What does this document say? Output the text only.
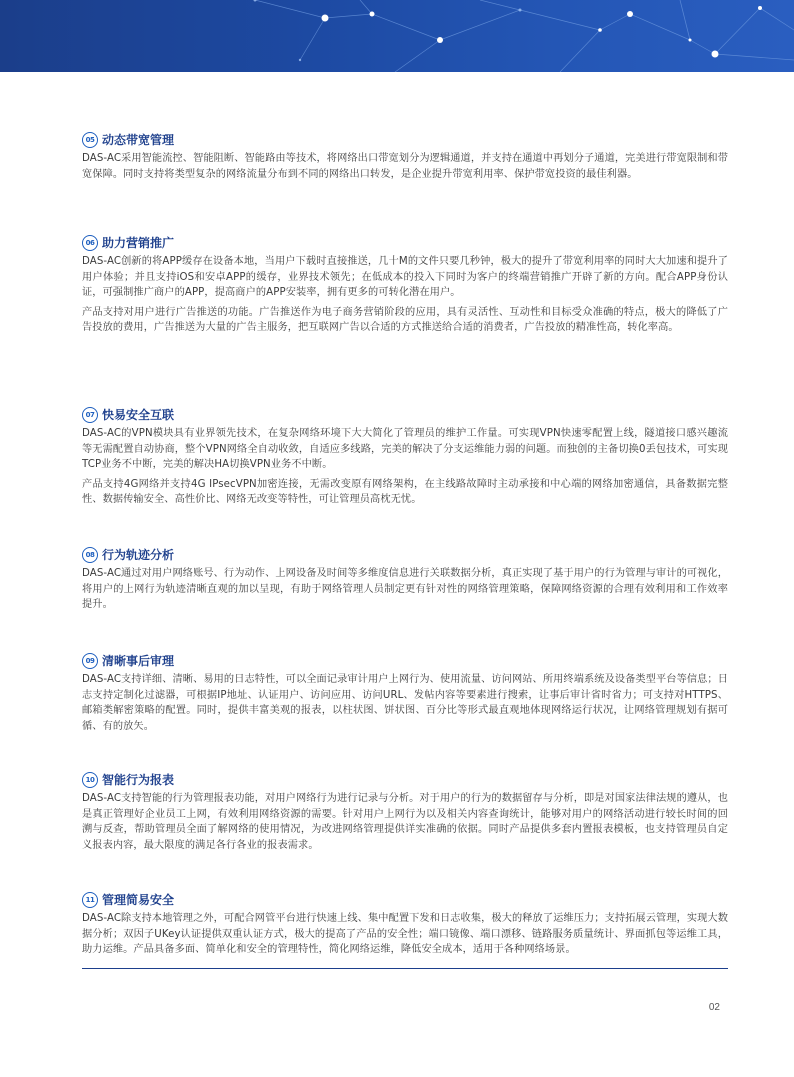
05 动态带宽管理

DAS-AC采用智能流控、智能阻断、智能路由等技术，将网络出口带宽划分为逻辑通道，并支持在通道中再划分子通道，完美进行带宽限制和带宽保障。同时支持将类型复杂的网络流量分布到不同的网络出口转发，是企业提升带宽利用率、保护带宽投资的最佳利器。

06 助力营销推广

DAS-AC创新的将APP缓存在设备本地，当用户下载时直接推送，几十M的文件只要几秒钟，极大的提升了带宽利用率的同时大大加速和提升了用户体验；并且支持iOS和安卓APP的缓存，业界技术领先；在低成本的投入下同时为客户的终端营销推广开辟了新的方向。配合APP身份认证，可强制推广商户的APP，提高商户的APP安装率，拥有更多的可转化潜在用户。

产品支持对用户进行广告推送的功能。广告推送作为电子商务营销阶段的应用，具有灵活性、互动性和目标受众准确的特点，极大的降低了广告投放的费用，广告推送为大量的广告主服务，把互联网广告以合适的方式推送给合适的消费者，广告投放的精准性高，转化率高。

07 快易安全互联

DAS-AC的VPN模块具有业界领先技术，在复杂网络环境下大大简化了管理员的维护工作量。可实现VPN快速零配置上线，隧道接口感兴趣流等无需配置自动协商，整个VPN网络全自动收敛，自适应多线路，完美的解决了分支运维能力弱的问题。而独创的主备切换0丢包技术，可实现TCP业务不中断，完美的解决HA切换VPN业务不中断。

产品支持4G网络并支持4G IPsecVPN加密连接，无需改变原有网络架构，在主线路故障时主动承接和中心端的网络加密通信，具备数据完整性、数据传输安全、高性价比、网络无改变等特性，可让管理员高枕无忧。

08 行为轨迹分析

DAS-AC通过对用户网络账号、行为动作、上网设备及时间等多维度信息进行关联数据分析，真正实现了基于用户的行为管理与审计的可视化，将用户的上网行为轨迹清晰直观的加以呈现，有助于网络管理人员制定更有针对性的网络管理策略，保障网络资源的合理有效利用和工作效率提升。

09 清晰事后审理

DAS-AC支持详细、清晰、易用的日志特性，可以全面记录审计用户上网行为、使用流量、访问网站、所用终端系统及设备类型平台等信息；日志支持定制化过滤器，可根据IP地址、认证用户、访问应用、访问URL、发帖内容等要素进行搜索，让事后审计省时省力；可支持对HTTPS、邮箱类解密策略的配置。同时，提供丰富美观的报表，以柱状图、饼状图、百分比等形式最直观地体现网络运行状况，让网络管理规划有据可循、有的放矢。

10 智能行为报表

DAS-AC支持智能的行为管理报表功能，对用户网络行为进行记录与分析。对于用户的行为的数据留存与分析，即是对国家法律法规的遵从，也是真正管理好企业员工上网，有效利用网络资源的需要。针对用户上网行为以及相关内容查询统计，能够对用户的网络活动进行较长时间的回溯与反查，帮助管理员全面了解网络的使用情况，为改进网络管理提供详实准确的依据。同时产品提供多套内置报表模板，也支持管理员自定义报表内容，最大限度的满足各行各业的报表需求。

11 管理简易安全

DAS-AC除支持本地管理之外，可配合网管平台进行快速上线、集中配置下发和日志收集，极大的释放了运维压力；支持拓展云管理，实现大数据分析；双因子UKey认证提供双重认证方式，极大的提高了产品的安全性；端口镜像、端口漂移、链路服务质量统计、界面抓包等运维工具，助力运维。产品具备多面、简单化和安全的管理特性，简化网络运维，降低安全成本，适用于各种网络场景。

02
